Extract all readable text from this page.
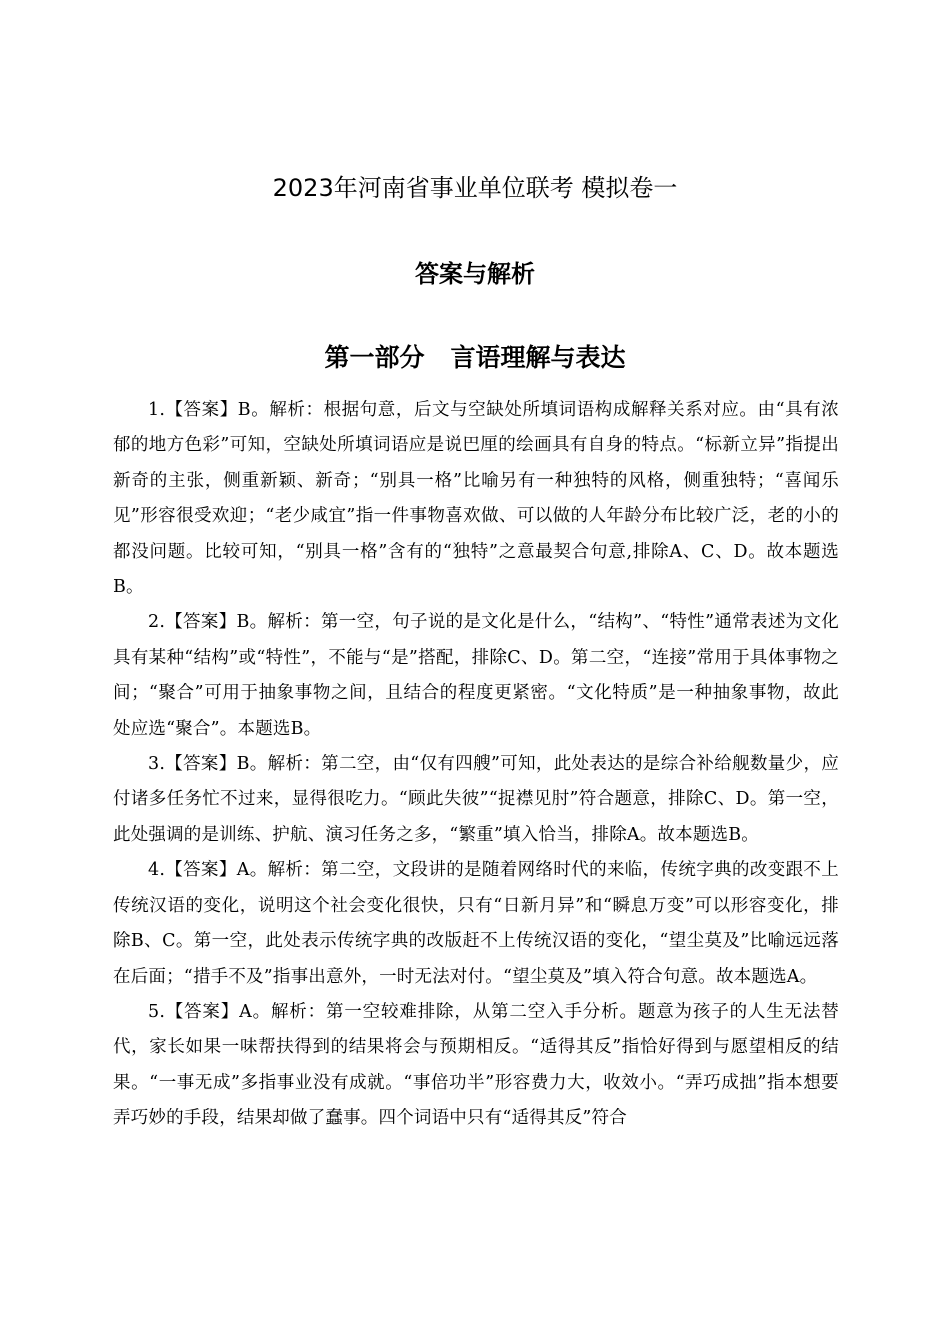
2023年河南省事业单位联考 模拟卷一
答案与解析
第一部分   言语理解与表达

1.【答案】B。解析：根据句意，后文与空缺处所填词语构成解释关系对应。由“具有浓郁的地方色彩”可知，空缺处所填词语应是说巴厘的绘画具有自身的特点。“标新立异”指提出新奇的主张，侧重新颖、新奇；“别具一格”比喻另有一种独特的风格，侧重独特；“喜闻乐见”形容很受欢迎；“老少咸宜”指一件事物喜欢做、可以做的人年龄分布比较广泛，老的小的都没问题。比较可知，“别具一格”含有的“独特”之意最契合句意,排除A、C、D。故本题选B。

2.【答案】B。解析：第一空，句子说的是文化是什么，“结构”、“特性”通常表述为文化具有某种“结构”或“特性”，不能与“是”搭配，排除C、D。第二空，“连接”常用于具体事物之间；“聚合”可用于抽象事物之间，且结合的程度更紧密。“文化特质”是一种抽象事物，故此处应选“聚合”。本题选B。

3.【答案】B。解析：第二空，由“仅有四艘”可知，此处表达的是综合补给舰数量少，应付诸多任务忙不过来，显得很吃力。“顾此失彼”“捉襟见肘”符合题意，排除C、D。第一空，此处强调的是训练、护航、演习任务之多，“繁重”填入恰当，排除A。故本题选B。

4.【答案】A。解析：第二空，文段讲的是随着网络时代的来临，传统字典的改变跟不上传统汉语的变化，说明这个社会变化很快，只有“日新月异”和“瞬息万变”可以形容变化，排除B、C。第一空，此处表示传统字典的改版赶不上传统汉语的变化，“望尘莫及”比喻远远落在后面；“措手不及”指事出意外，一时无法对付。“望尘莫及”填入符合句意。故本题选A。

5.【答案】A。解析：第一空较难排除，从第二空入手分析。题意为孩子的人生无法替代，家长如果一味帮扶得到的结果将会与预期相反。“适得其反”指恰好得到与愿望相反的结果。“一事无成”多指事业没有成就。“事倍功半”形容费力大，收效小。“弄巧成拙”指本想要弄巧妙的手段，结果却做了蠢事。四个词语中只有“适得其反”符合
